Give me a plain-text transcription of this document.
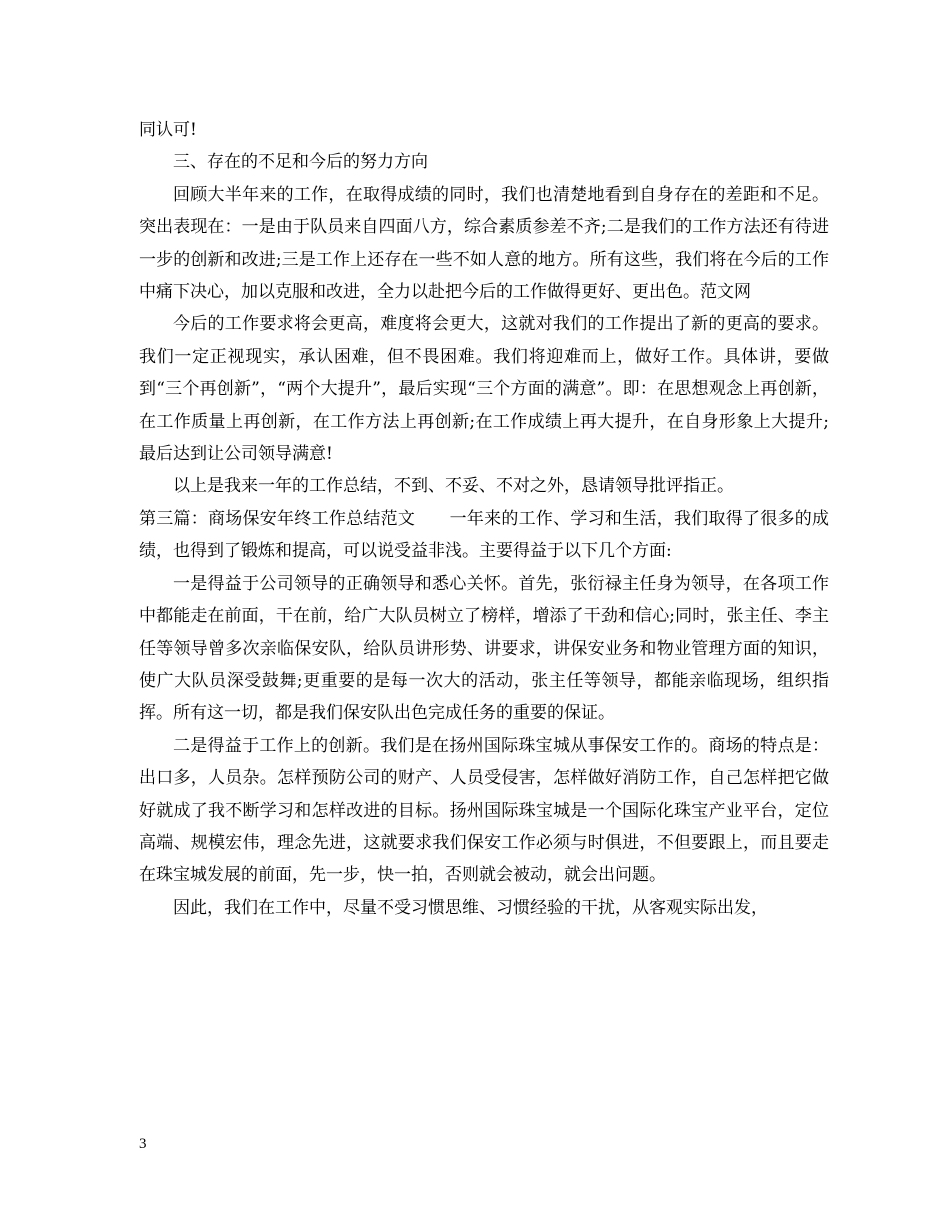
同认可!

三、存在的不足和今后的努力方向

回顾大半年来的工作，在取得成绩的同时，我们也清楚地看到自身存在的差距和不足。突出表现在：一是由于队员来自四面八方，综合素质参差不齐;二是我们的工作方法还有待进一步的创新和改进;三是工作上还存在一些不如人意的地方。所有这些，我们将在今后的工作中痛下决心，加以克服和改进，全力以赴把今后的工作做得更好、更出色。范文网

今后的工作要求将会更高，难度将会更大，这就对我们的工作提出了新的更高的要求。我们一定正视现实，承认困难，但不畏困难。我们将迎难而上，做好工作。具体讲，要做到“三个再创新”，“两个大提升”，最后实现“三个方面的满意”。即：在思想观念上再创新，在工作质量上再创新，在工作方法上再创新;在工作成绩上再大提升，在自身形象上大提升;最后达到让公司领导满意!

以上是我来一年的工作总结，不到、不妥、不对之外，恳请领导批评指正。

第三篇：商场保安年终工作总结范文　　一年来的工作、学习和生活，我们取得了很多的成绩，也得到了锻炼和提高，可以说受益非浅。主要得益于以下几个方面:

一是得益于公司领导的正确领导和悉心关怀。首先，张衍禄主任身为领导，在各项工作中都能走在前面，干在前，给广大队员树立了榜样，增添了干劲和信心;同时，张主任、李主任等领导曾多次亲临保安队，给队员讲形势、讲要求，讲保安业务和物业管理方面的知识，使广大队员深受鼓舞;更重要的是每一次大的活动，张主任等领导，都能亲临现场，组织指挥。所有这一切，都是我们保安队出色完成任务的重要的保证。

二是得益于工作上的创新。我们是在扬州国际珠宝城从事保安工作的。商场的特点是：出口多，人员杂。怎样预防公司的财产、人员受侵害，怎样做好消防工作，自己怎样把它做好就成了我不断学习和怎样改进的目标。扬州国际珠宝城是一个国际化珠宝产业平台，定位高端、规模宏伟，理念先进，这就要求我们保安工作必须与时俱进，不但要跟上，而且要走在珠宝城发展的前面，先一步，快一拍，否则就会被动，就会出问题。

因此，我们在工作中，尽量不受习惯思维、习惯经验的干扰，从客观实际出发，

3
